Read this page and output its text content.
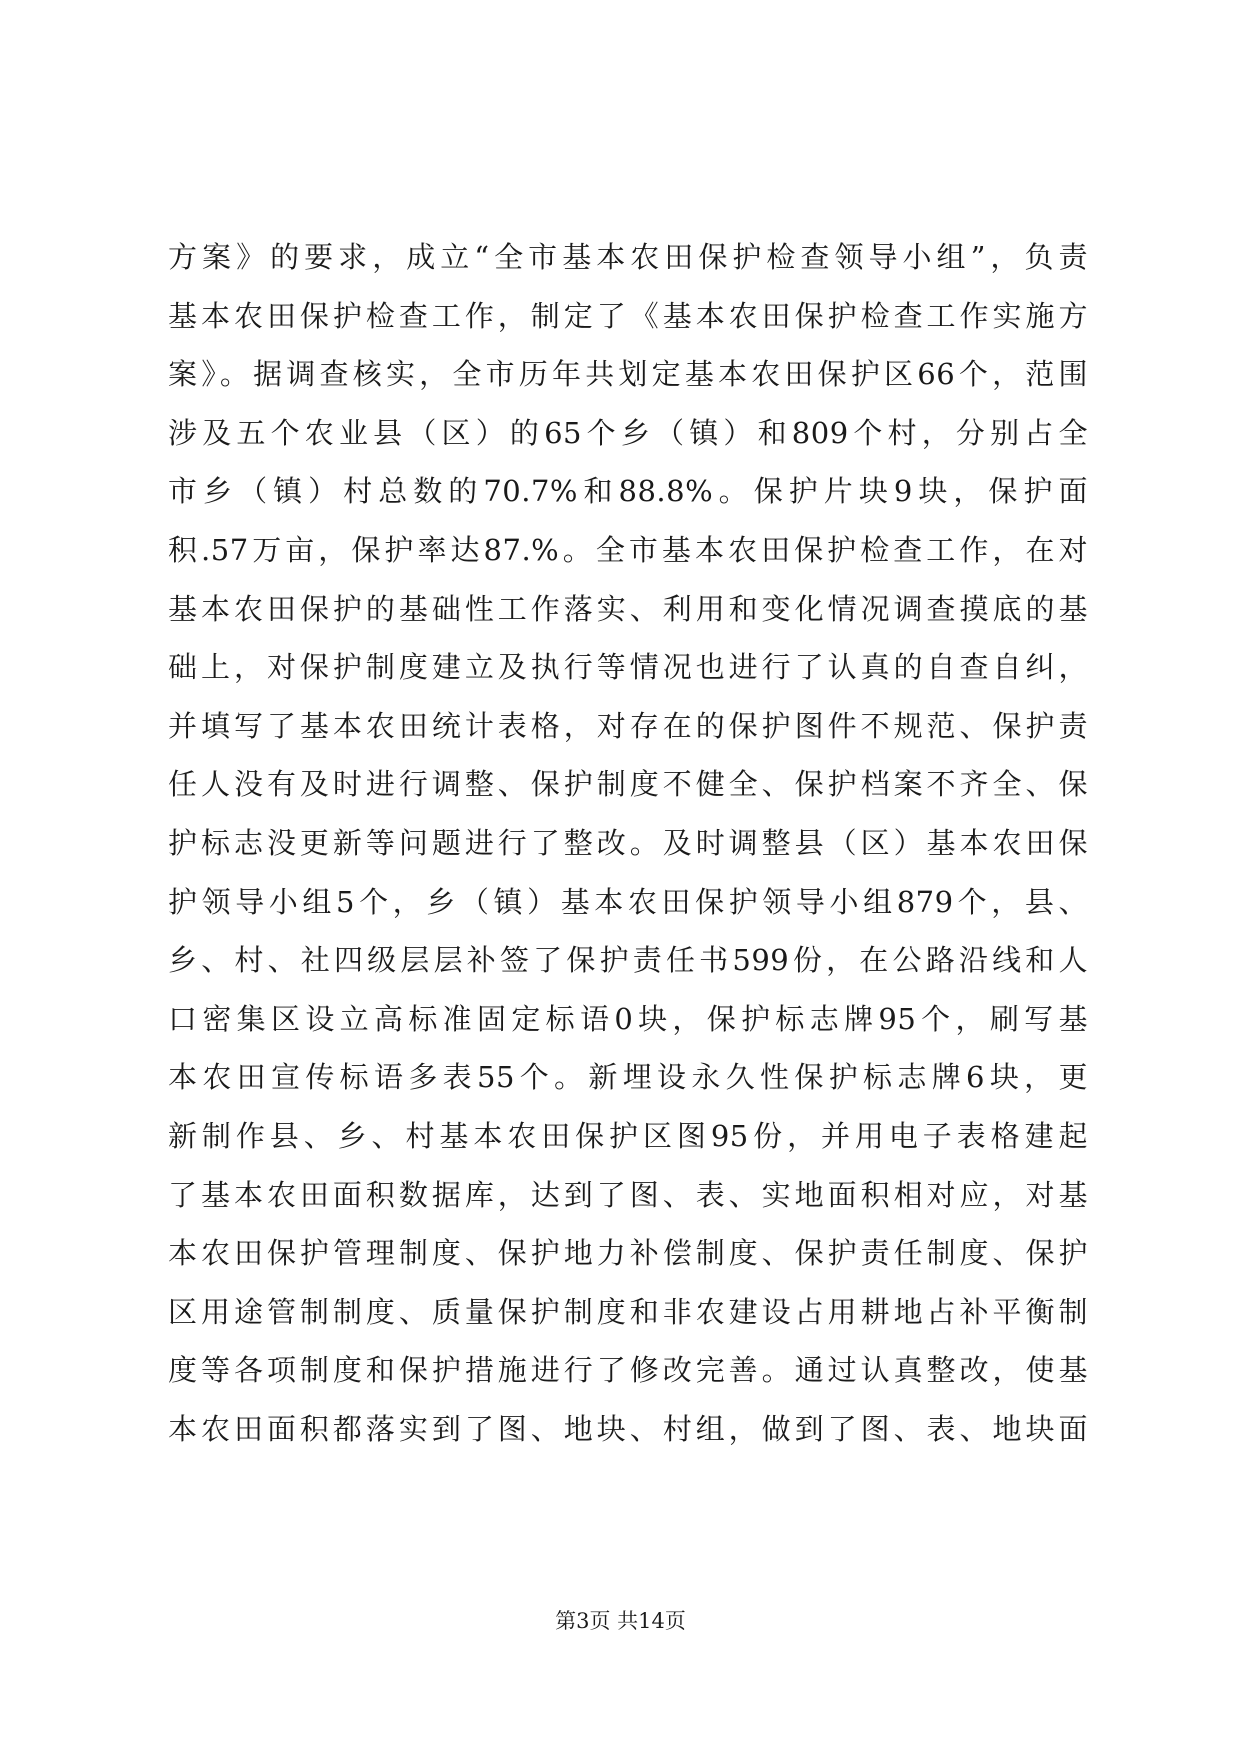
方案》的要求，成立“全市基本农田保护检查领导小组”，负责
基本农田保护检查工作，制定了《基本农田保护检查工作实施方
案》。据调查核实，全市历年共划定基本农田保护区66个，范围
涉及五个农业县（区）的65个乡（镇）和809个村，分别占全
市乡（镇）村总数的70.7%和88.8%。保护片块9块，保护面
积.57万亩，保护率达87.%。全市基本农田保护检查工作，在对
基本农田保护的基础性工作落实、利用和变化情况调查摸底的基
础上，对保护制度建立及执行等情况也进行了认真的自查自纠，
并填写了基本农田统计表格，对存在的保护图件不规范、保护责
任人没有及时进行调整、保护制度不健全、保护档案不齐全、保
护标志没更新等问题进行了整改。及时调整县（区）基本农田保
护领导小组5个，乡（镇）基本农田保护领导小组879个，县、
乡、村、社四级层层补签了保护责任书599份，在公路沿线和人
口密集区设立高标准固定标语0块，保护标志牌95个，刷写基
本农田宣传标语多表55个。新埋设永久性保护标志牌6块，更
新制作县、乡、村基本农田保护区图95份，并用电子表格建起
了基本农田面积数据库，达到了图、表、实地面积相对应，对基
本农田保护管理制度、保护地力补偿制度、保护责任制度、保护
区用途管制制度、质量保护制度和非农建设占用耕地占补平衡制
度等各项制度和保护措施进行了修改完善。通过认真整改，使基
本农田面积都落实到了图、地块、村组，做到了图、表、地块面
第3页 共14页
